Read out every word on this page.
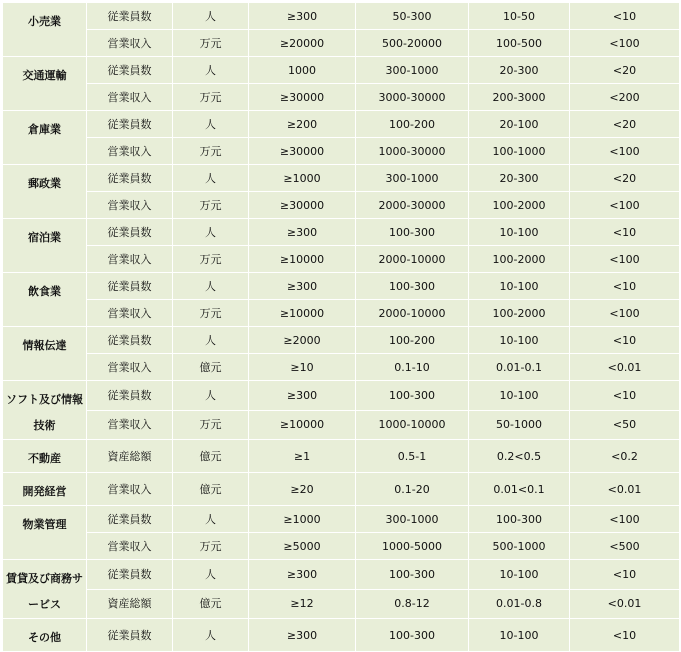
小売業	従業員数	人	≥300	50-300	10-50	<10
	営業収入	万元	≥20000	500-20000	100-500	<100
交通運輸	従業員数	人	1000	300-1000	20-300	<20
	営業収入	万元	≥30000	3000-30000	200-3000	<200
倉庫業	従業員数	人	≥200	100-200	20-100	<20
	営業収入	万元	≥30000	1000-30000	100-1000	<100
郵政業	従業員数	人	≥1000	300-1000	20-300	<20
	営業収入	万元	≥30000	2000-30000	100-2000	<100
宿泊業	従業員数	人	≥300	100-300	10-100	<10
	営業収入	万元	≥10000	2000-10000	100-2000	<100
飲食業	従業員数	人	≥300	100-300	10-100	<10
	営業収入	万元	≥10000	2000-10000	100-2000	<100
情報伝達	従業員数	人	≥2000	100-200	10-100	<10
	営業収入	億元	≥10	0.1-10	0.01-0.1	<0.01
ソフト及び情報技術	従業員数	人	≥300	100-300	10-100	<10
	営業収入	万元	≥10000	1000-10000	50-1000	<50
不動産	資産総額	億元	≥1	0.5-1	0.2<0.5	<0.2
開発経営	営業収入	億元	≥20	0.1-20	0.01<0.1	<0.01
物業管理	従業員数	人	≥1000	300-1000	100-300	<100
	営業収入	万元	≥5000	1000-5000	500-1000	<500
賃貸及び商務サービス	従業員数	人	≥300	100-300	10-100	<10
	資産総額	億元	≥12	0.8-12	0.01-0.8	<0.01
その他	従業員数	人	≥300	100-300	10-100	<10
